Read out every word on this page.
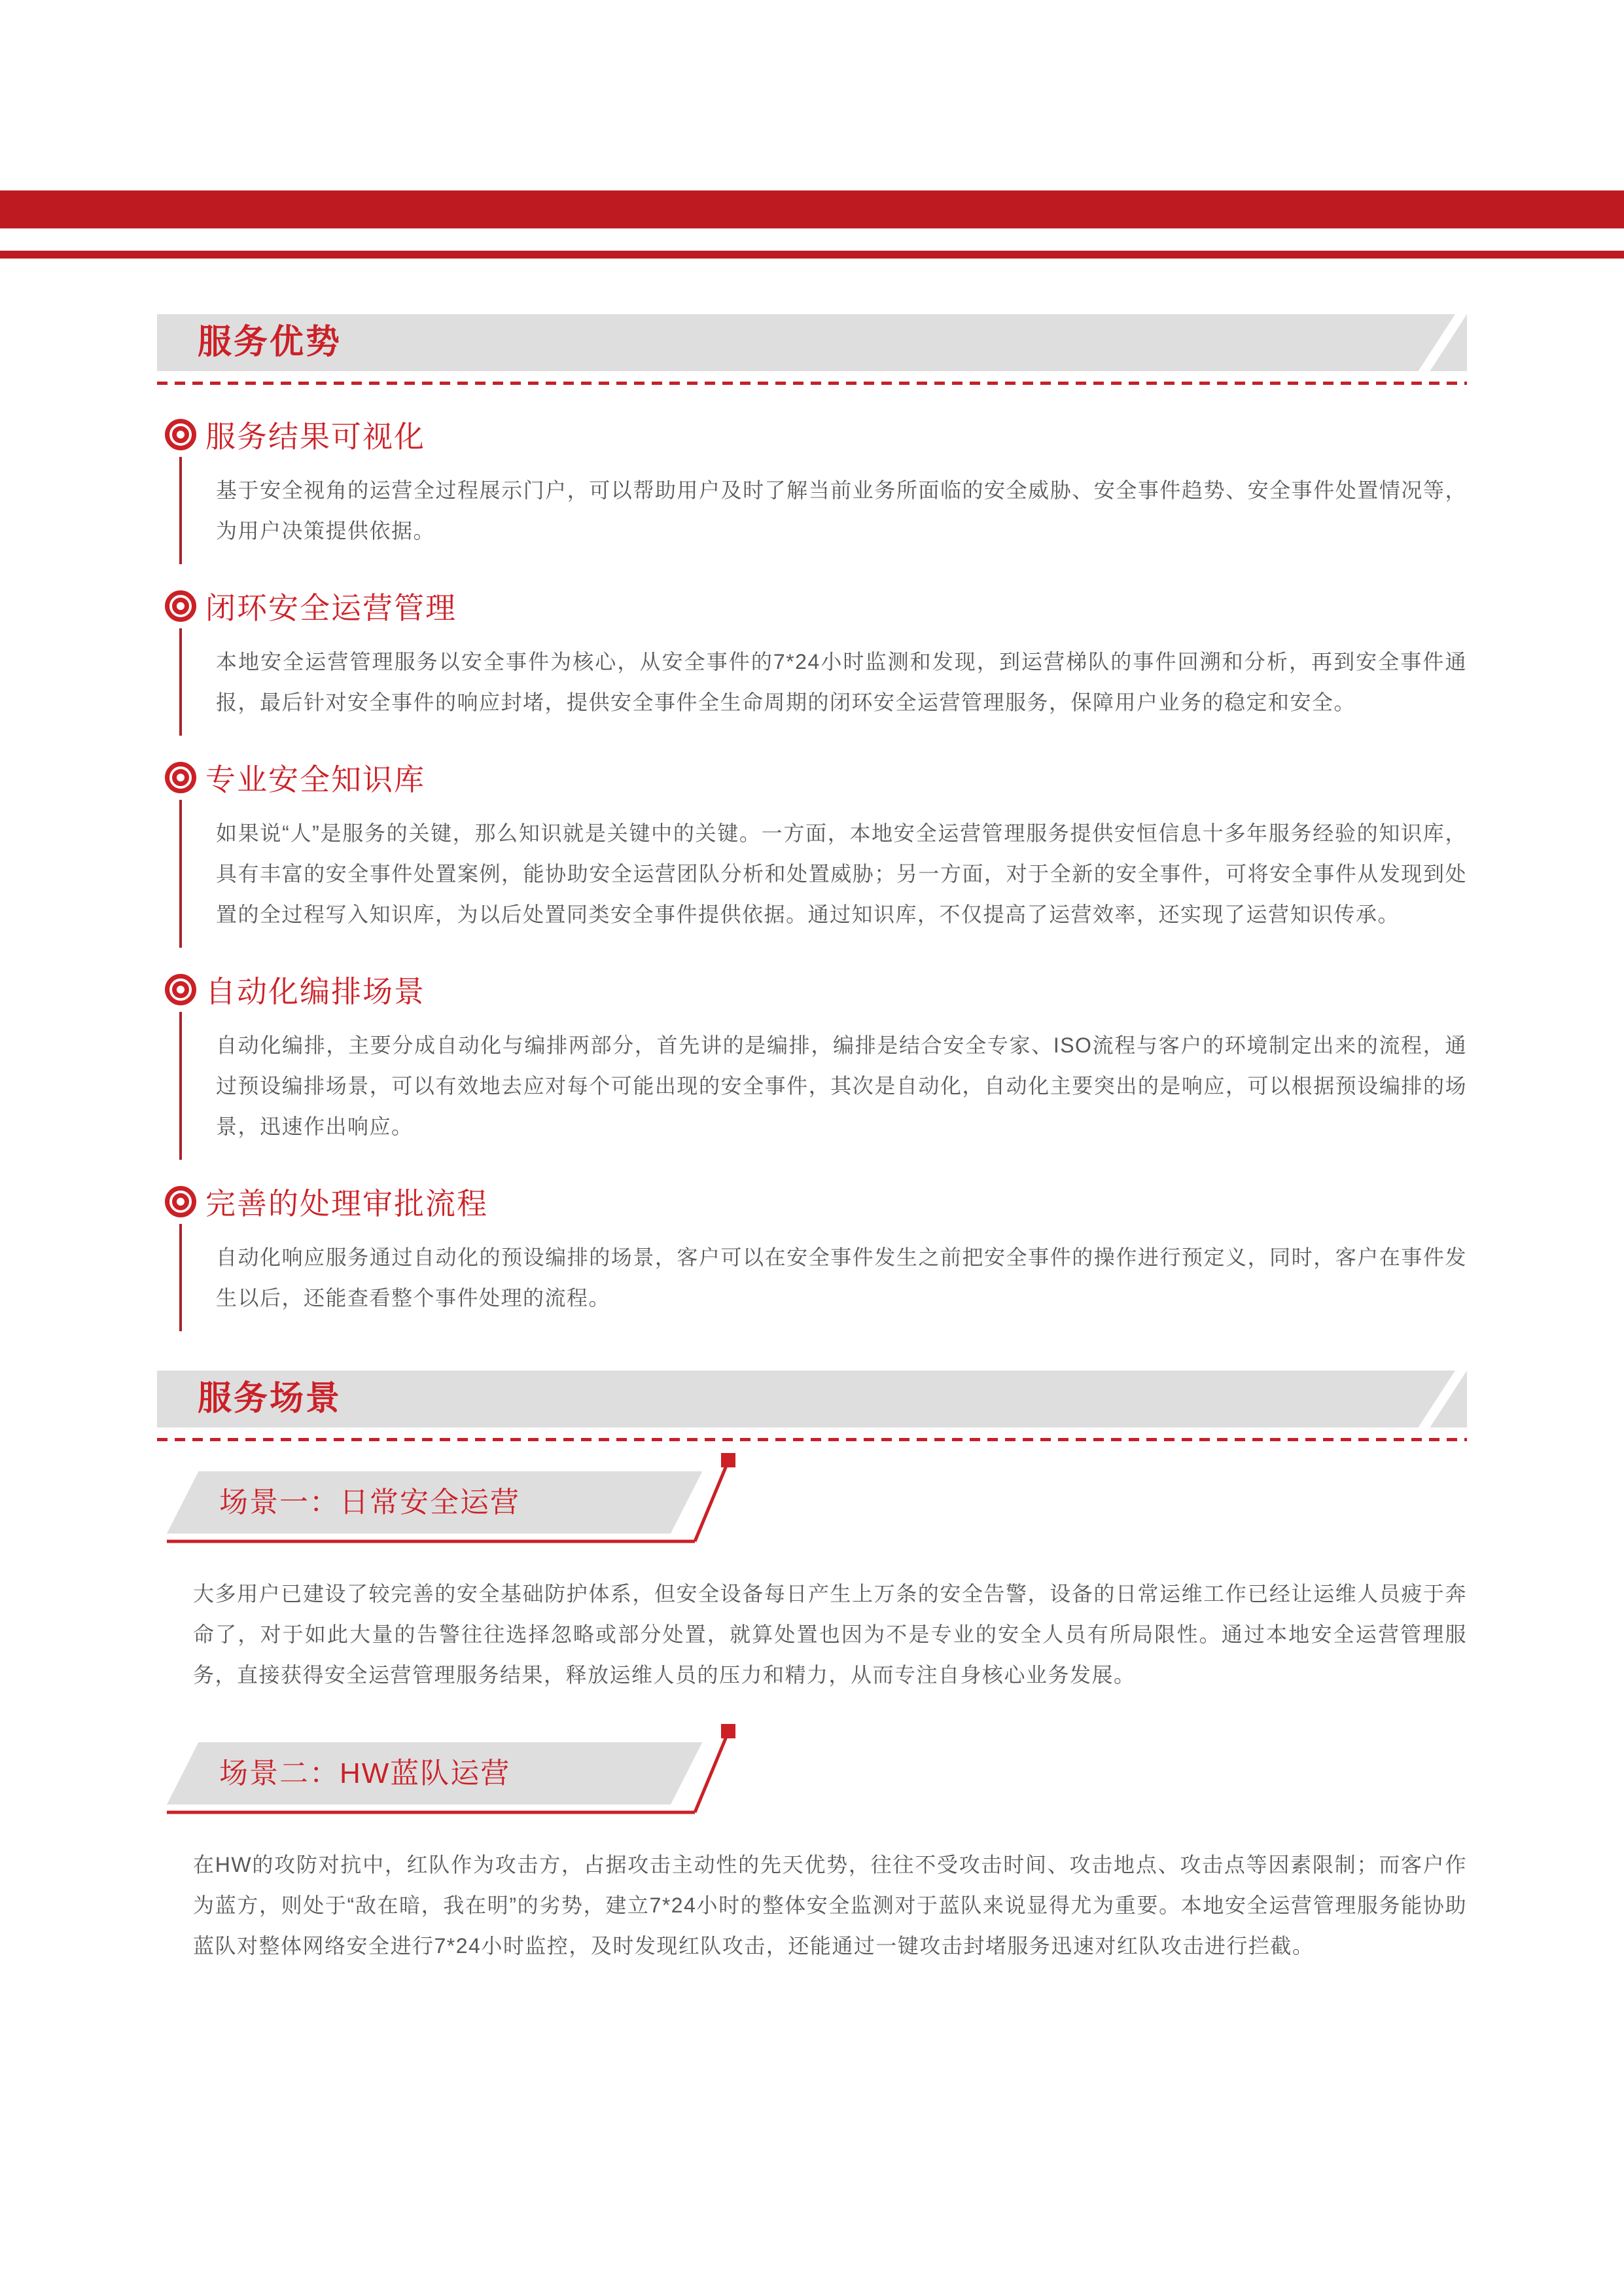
服务优势
服务结果可视化

基于安全视角的运营全过程展示门户，可以帮助用户及时了解当前业务所面临的安全威胁、安全事件趋势、安全事件处置情况等，为用户决策提供依据。

闭环安全运营管理

本地安全运营管理服务以安全事件为核心，从安全事件的7*24小时监测和发现，到运营梯队的事件回溯和分析，再到安全事件通报，最后针对安全事件的响应封堵，提供安全事件全生命周期的闭环安全运营管理服务，保障用户业务的稳定和安全。

专业安全知识库

如果说“人”是服务的关键，那么知识就是关键中的关键。一方面，本地安全运营管理服务提供安恒信息十多年服务经验的知识库，具有丰富的安全事件处置案例，能协助安全运营团队分析和处置威胁；另一方面，对于全新的安全事件，可将安全事件从发现到处置的全过程写入知识库，为以后处置同类安全事件提供依据。通过知识库，不仅提高了运营效率，还实现了运营知识传承。

自动化编排场景

自动化编排，主要分成自动化与编排两部分，首先讲的是编排，编排是结合安全专家、ISO流程与客户的环境制定出来的流程，通过预设编排场景，可以有效地去应对每个可能出现的安全事件，其次是自动化，自动化主要突出的是响应，可以根据预设编排的场景，迅速作出响应。

完善的处理审批流程

自动化响应服务通过自动化的预设编排的场景，客户可以在安全事件发生之前把安全事件的操作进行预定义，同时，客户在事件发生以后，还能查看整个事件处理的流程。

服务场景
场景一：日常安全运营

大多用户已建设了较完善的安全基础防护体系，但安全设备每日产生上万条的安全告警，设备的日常运维工作已经让运维人员疲于奔命了，对于如此大量的告警往往选择忽略或部分处置，就算处置也因为不是专业的安全人员有所局限性。通过本地安全运营管理服务，直接获得安全运营管理服务结果，释放运维人员的压力和精力，从而专注自身核心业务发展。

场景二：HW蓝队运营

在HW的攻防对抗中，红队作为攻击方，占据攻击主动性的先天优势，往往不受攻击时间、攻击地点、攻击点等因素限制；而客户作为蓝方，则处于“敌在暗，我在明”的劣势，建立7*24小时的整体安全监测对于蓝队来说显得尤为重要。本地安全运营管理服务能协助蓝队对整体网络安全进行7*24小时监控，及时发现红队攻击，还能通过一键攻击封堵服务迅速对红队攻击进行拦截。
